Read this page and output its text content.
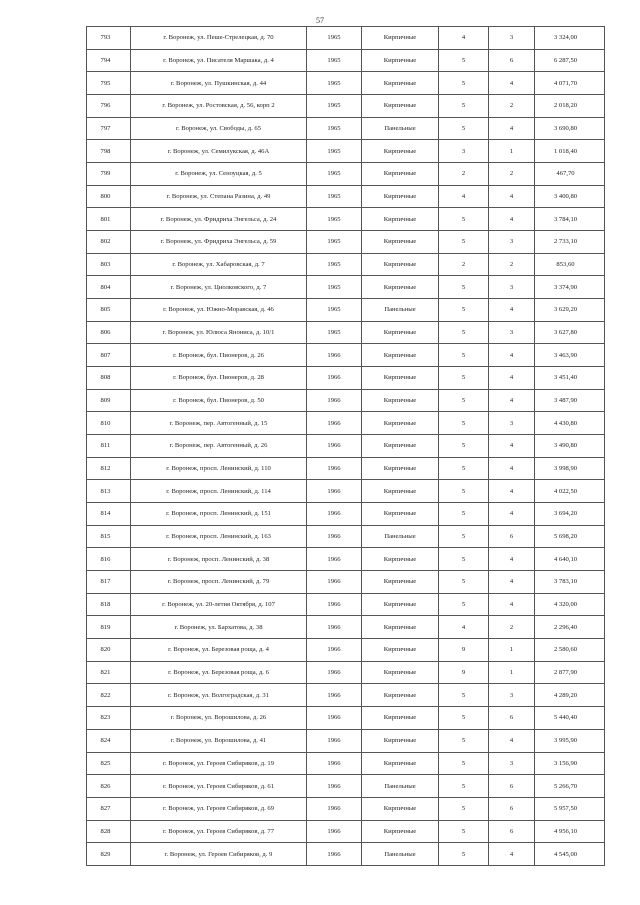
57
793	г. Воронеж, ул. Пеше-Стрелецкая, д. 70	1965	Кирпичные	4	3	3 324,00
794	г. Воронеж, ул. Писателя Маршака, д. 4	1965	Кирпичные	5	6	6 287,50
795	г. Воронеж, ул. Пушкинская, д. 44	1965	Кирпичные	5	4	4 071,70
796	г. Воронеж, ул. Ростовская, д. 56, корп 2	1965	Кирпичные	5	2	2 018,20
797	г. Воронеж, ул. Свободы, д. 65	1965	Панельные	5	4	3 690,80
798	г. Воронеж, ул. Семилукская, д. 46А	1965	Кирпичные	3	1	1 018,40
799	г. Воронеж, ул. Сеноуцкая, д. 5	1965	Кирпичные	2	2	467,70
800	г. Воронеж, ул. Степана Разина, д. 49	1965	Кирпичные	4	4	3 400,80
801	г. Воронеж, ул. Фридриха Энгельса, д. 24	1965	Кирпичные	5	4	3 784,10
802	г. Воронеж, ул. Фридриха Энгельса, д. 59	1965	Кирпичные	5	3	2 733,10
803	г. Воронеж, ул. Хабаровская, д. 7	1965	Кирпичные	2	2	853,60
804	г. Воронеж, ул. Циолковского, д. 7	1965	Кирпичные	5	3	3 374,90
805	г. Воронеж, ул. Южно-Моравская, д. 46	1965	Панельные	5	4	3 629,20
806	г. Воронеж, ул. Юлюса Янониса, д. 10/1	1965	Кирпичные	5	3	3 627,80
807	г. Воронеж, бул. Пионеров, д. 26	1966	Кирпичные	5	4	3 463,90
808	г. Воронеж, бул. Пионеров, д. 28	1966	Кирпичные	5	4	3 451,40
809	г. Воронеж, бул. Пионеров, д. 50	1966	Кирпичные	5	4	3 487,90
810	г. Воронеж, пер. Автогенный, д. 15	1966	Кирпичные	5	3	4 430,80
811	г. Воронеж, пер. Автогенный, д. 26	1966	Кирпичные	5	4	3 490,80
812	г. Воронеж, просп. Ленинский, д. 110	1966	Кирпичные	5	4	3 998,90
813	г. Воронеж, просп. Ленинский, д. 114	1966	Кирпичные	5	4	4 022,50
814	г. Воронеж, просп. Ленинский, д. 151	1966	Кирпичные	5	4	3 694,20
815	г. Воронеж, просп. Ленинский, д. 163	1966	Панельные	5	6	5 698,20
816	г. Воронеж, просп. Ленинский, д. 38	1966	Кирпичные	5	4	4 640,10
817	г. Воронеж, просп. Ленинский, д. 79	1966	Кирпичные	5	4	3 783,10
818	г. Воронеж, ул. 20-летия Октября, д. 107	1966	Кирпичные	5	4	4 320,00
819	г. Воронеж, ул. Бархатова, д. 38	1966	Кирпичные	4	2	2 296,40
820	г. Воронеж, ул. Березовая роща, д. 4	1966	Кирпичные	9	1	2 580,60
821	г. Воронеж, ул. Березовая роща, д. 6	1966	Кирпичные	9	1	2 877,90
822	г. Воронеж, ул. Волгоградская, д. 31	1966	Кирпичные	5	3	4 289,20
823	г. Воронеж, ул. Ворошилова, д. 26	1966	Кирпичные	5	6	5 440,40
824	г. Воронеж, ул. Ворошилова, д. 41	1966	Кирпичные	5	4	3 995,90
825	г. Воронеж, ул. Героев Сибиряков, д. 19	1966	Кирпичные	5	3	3 156,90
826	г. Воронеж, ул. Героев Сибиряков, д. 61	1966	Панельные	5	6	5 266,70
827	г. Воронеж, ул. Героев Сибиряков, д. 69	1966	Кирпичные	5	6	5 957,50
828	г. Воронеж, ул. Героев Сибиряков, д. 77	1966	Кирпичные	5	6	4 956,10
829	г. Воронеж, ул. Героев Сибиряков, д. 9	1966	Панельные	5	4	4 545,00
